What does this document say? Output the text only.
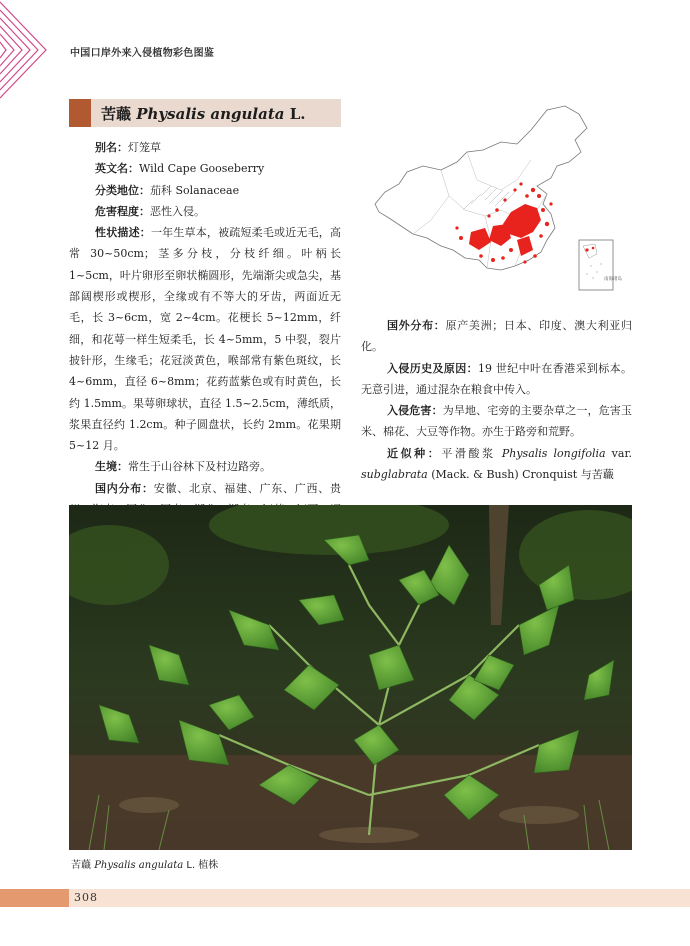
中国口岸外来入侵植物彩色图鉴
苦蘵 Physalis angulata L.

别名：灯笼草

英文名：Wild Cape Gooseberry

分类地位：茄科 Solanaceae

危害程度：恶性入侵。

性状描述：一年生草本，被疏短柔毛或近无毛，高常 30~50cm；茎多分枝，分枝纤细。叶柄长 1~5cm，叶片卵形至卵状椭圆形，先端渐尖或急尖，基部阔楔形或楔形，全缘或有不等大的牙齿，两面近无毛，长 3~6cm，宽 2~4cm。花梗长 5~12mm，纤细，和花萼一样生短柔毛，长 4~5mm，5 中裂，裂片披针形，生缘毛；花冠淡黄色，喉部常有紫色斑纹，长 4~6mm，直径 6~8mm；花药蓝紫色或有时黄色，长约 1.5mm。果萼卵球状，直径 1.5~2.5cm，薄纸质，浆果直径约 1.2cm。种子圆盘状，长约 2mm。花果期 5~12 月。

生境：常生于山谷林下及村边路旁。

国内分布：安徽、北京、福建、广东、广西、贵

南海诸岛

国外分布：原产美洲；日本、印度、澳大利亚归化。

入侵历史及原因：19 世纪中叶在香港采到标本。无意引进，通过混杂在粮食中传入。

入侵危害：为旱地、宅旁的主要杂草之一，危害玉米、棉花、大豆等作物。亦生于路旁和荒野。

近似种：平滑酸浆 Physalis longifolia var. subglabrata (Mack. & Bush) Cronquist 与苦蘵

苦蘵 Physalis angulata L. 植株
308
